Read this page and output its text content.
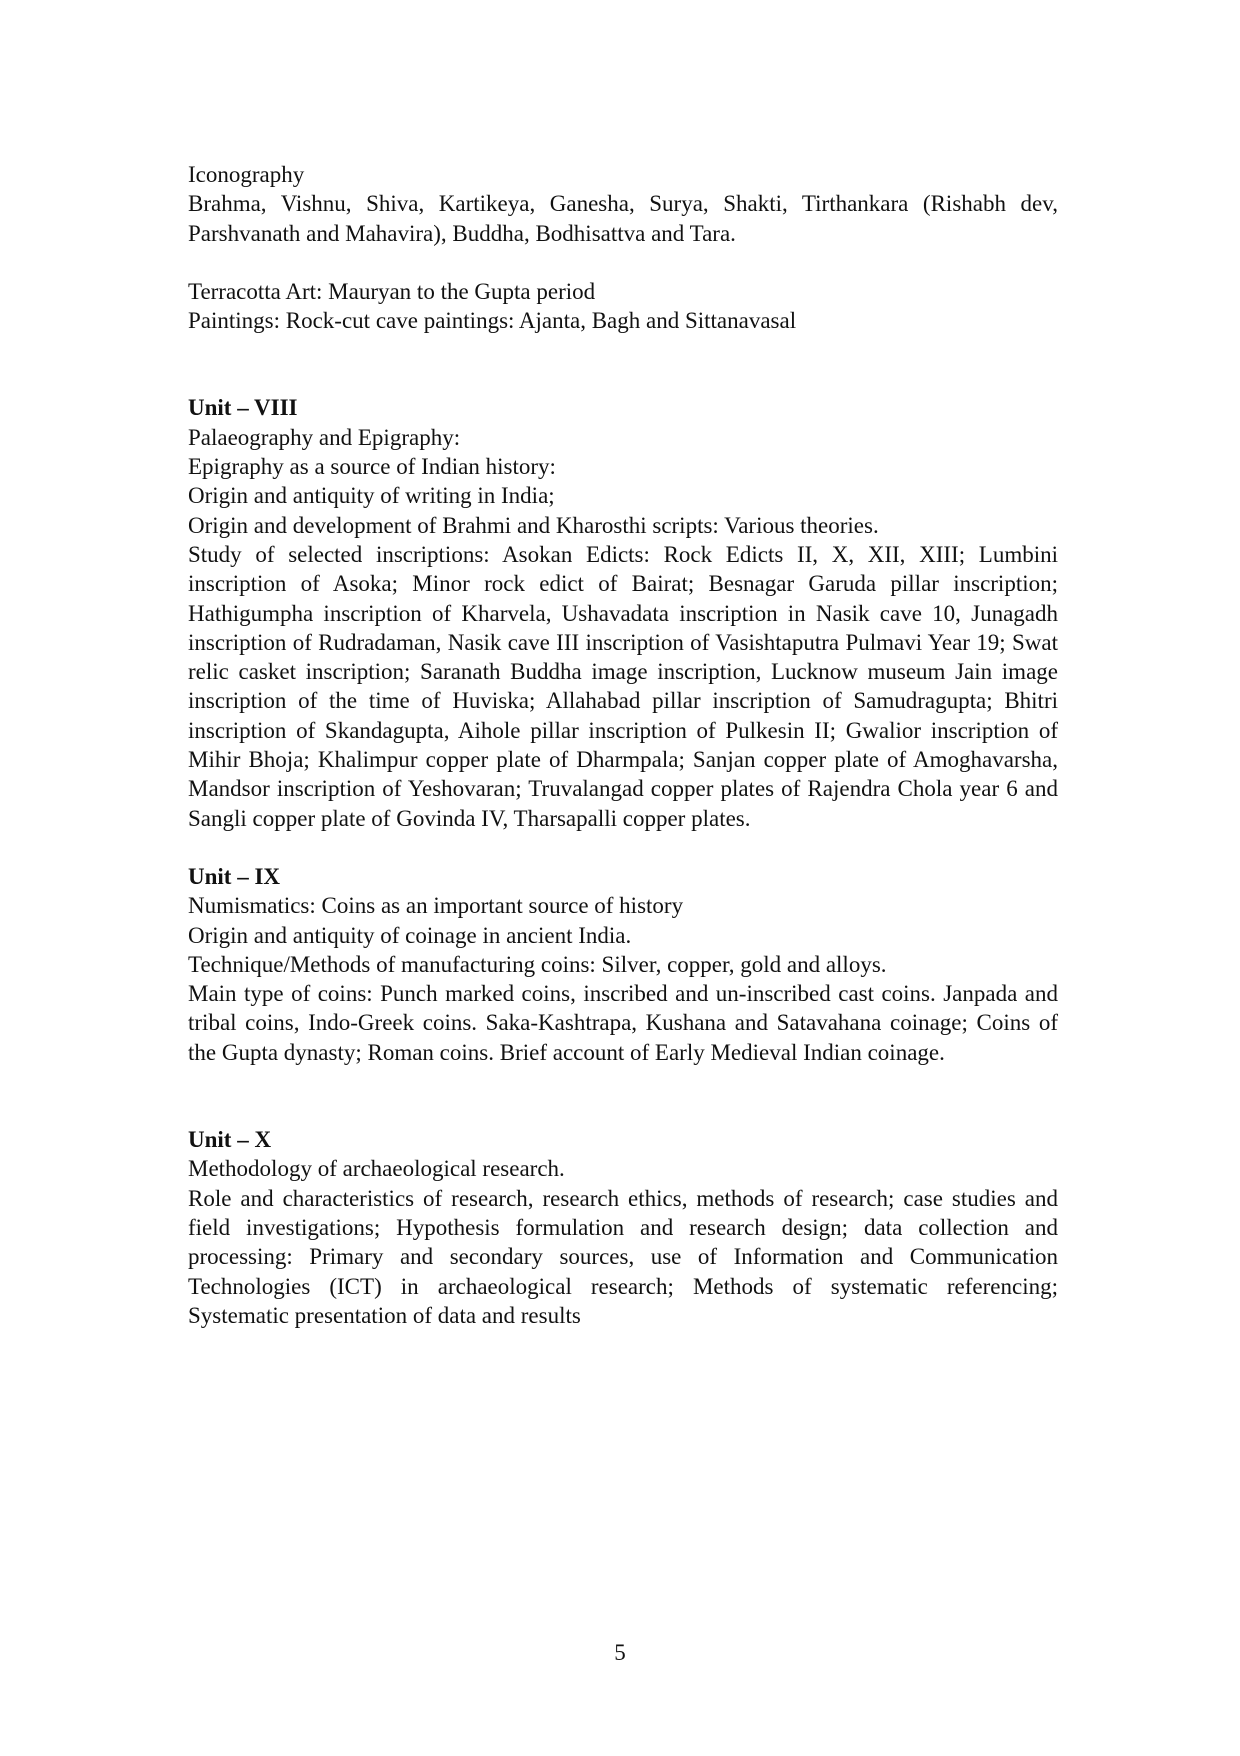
Iconography
Brahma, Vishnu, Shiva, Kartikeya, Ganesha, Surya, Shakti, Tirthankara (Rishabh dev, Parshvanath and Mahavira), Buddha, Bodhisattva and Tara.
Terracotta Art: Mauryan to the Gupta period
Paintings: Rock-cut cave paintings: Ajanta, Bagh and Sittanavasal
Unit – VIII
Palaeography and Epigraphy:
Epigraphy as a source of Indian history:
Origin and antiquity of writing in India;
Origin and development of Brahmi and Kharosthi scripts: Various theories.
Study of selected inscriptions: Asokan Edicts: Rock Edicts II, X, XII, XIII; Lumbini inscription of Asoka; Minor rock edict of Bairat; Besnagar Garuda pillar inscription; Hathigumpha inscription of Kharvela, Ushavadata inscription in Nasik cave 10, Junagadh inscription of Rudradaman, Nasik cave III inscription of Vasishtaputra Pulmavi Year 19; Swat relic casket inscription; Saranath Buddha image inscription, Lucknow museum Jain image inscription of the time of Huviska; Allahabad pillar inscription of Samudragupta; Bhitri inscription of Skandagupta, Aihole pillar inscription of Pulkesin II; Gwalior inscription of Mihir Bhoja; Khalimpur copper plate of Dharmpala; Sanjan copper plate of Amoghavarsha, Mandsor inscription of Yeshovaran; Truvalangad copper plates of Rajendra Chola year 6 and Sangli copper plate of Govinda IV, Tharsapalli copper plates.
Unit – IX
Numismatics: Coins as an important source of history
Origin and antiquity of coinage in ancient India.
Technique/Methods of manufacturing coins: Silver, copper, gold and alloys.
Main type of coins: Punch marked coins, inscribed and un-inscribed cast coins. Janpada and tribal coins, Indo-Greek coins. Saka-Kashtrapa, Kushana and Satavahana coinage; Coins of the Gupta dynasty; Roman coins. Brief account of Early Medieval Indian coinage.
Unit – X
Methodology of archaeological research.
Role and characteristics of research, research ethics, methods of research; case studies and field investigations; Hypothesis formulation and research design; data collection and processing: Primary and secondary sources, use of Information and Communication Technologies (ICT) in archaeological research; Methods of systematic referencing; Systematic presentation of data and results
5
